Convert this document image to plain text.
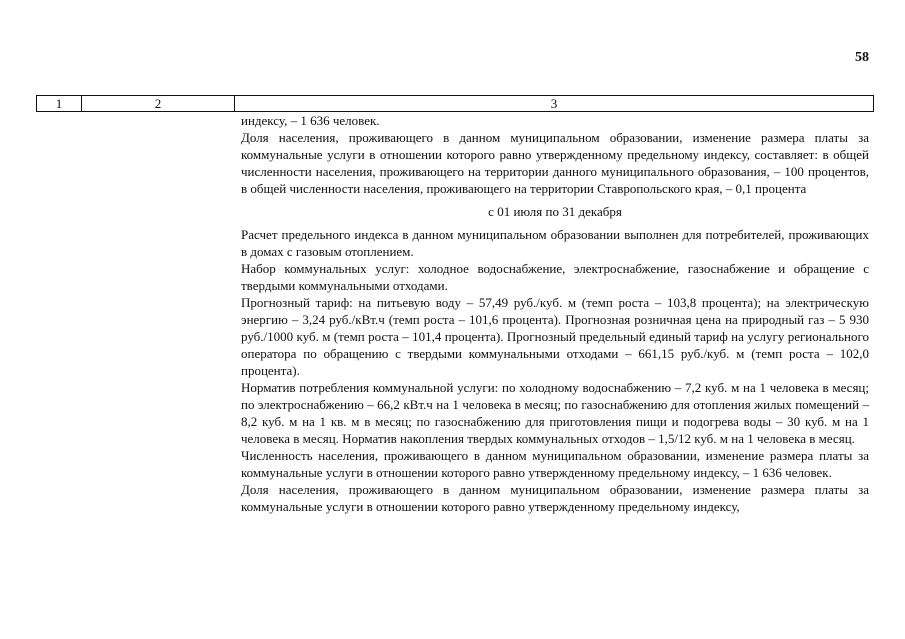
58
1	2	3

индексу, – 1 636 человек.

Доля населения, проживающего в данном муниципальном образовании, изменение размера платы за коммунальные услуги в отношении которого равно утвержденному предельному индексу, составляет: в общей численности населения, проживающего на территории данного муниципального образования, – 100 процентов, в общей численности населения, проживающего на территории Ставропольского края, – 0,1 процента

с 01 июля по 31 декабря

Расчет предельного индекса в данном муниципальном образовании выполнен для потребителей, проживающих в домах с газовым отоплением.

Набор коммунальных услуг: холодное водоснабжение, электроснабжение, газоснабжение и обращение с твердыми коммунальными отходами.

Прогнозный тариф: на питьевую воду – 57,49 руб./куб. м (темп роста – 103,8 процента); на электрическую энергию – 3,24 руб./кВт.ч (темп роста – 101,6 процента). Прогнозная розничная цена на природный газ – 5 930 руб./1000 куб. м (темп роста – 101,4 процента). Прогнозный предельный единый тариф на услугу регионального оператора по обращению с твердыми коммунальными отходами – 661,15 руб./куб. м (темп роста – 102,0 процента).

Норматив потребления коммунальной услуги: по холодному водоснабжению – 7,2 куб. м на 1 человека в месяц; по электроснабжению – 66,2 кВт.ч на 1 человека в месяц; по газоснабжению для отопления жилых помещений – 8,2 куб. м на 1 кв. м в месяц; по газоснабжению для приготовления пищи и подогрева воды – 30 куб. м на 1 человека в месяц. Норматив накопления твердых коммунальных отходов – 1,5/12 куб. м на 1 человека в месяц.

Численность населения, проживающего в данном муниципальном образовании, изменение размера платы за коммунальные услуги в отношении которого равно утвержденному предельному индексу, – 1 636 человек.

Доля населения, проживающего в данном муниципальном образовании, изменение размера платы за коммунальные услуги в отношении которого равно утвержденному предельному индексу,
